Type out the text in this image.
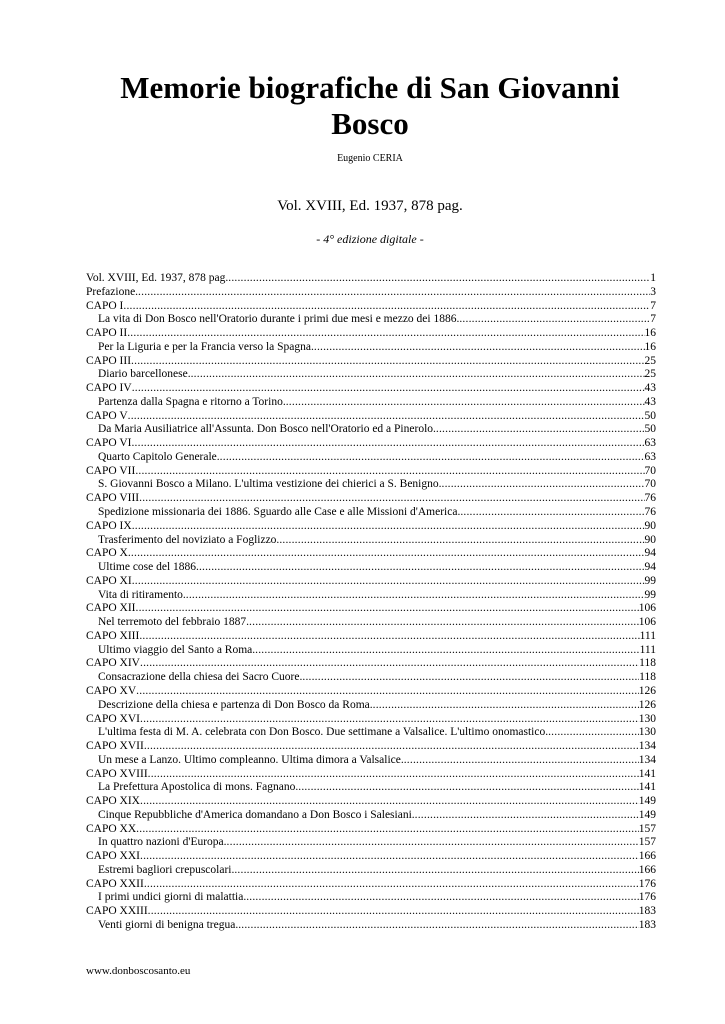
Memorie biografiche di San Giovanni
Bosco
Eugenio CERIA
Vol. XVIII, Ed. 1937, 878 pag.
- 4° edizione digitale -
Vol. XVIII, Ed. 1937, 878 pag. .....	1
Prefazione. .....	3
CAPO I .....	7
La vita di Don Bosco nell'Oratorio durante i primi due mesi e mezzo dei 1886. .....	7
CAPO II .....	16
Per la Liguria e per la Francia verso la Spagna. .....	16
CAPO III .....	25
Diario barcellonese. .....	25
CAPO IV .....	43
Partenza dalla Spagna e ritorno a Torino. .....	43
CAPO V .....	50
Da Maria Ausiliatrice all'Assunta. Don Bosco nell'Oratorio ed a Pinerolo. .....	50
CAPO VI .....	63
Quarto Capitolo Generale. .....	63
CAPO VII .....	70
S. Giovanni Bosco a Milano. L'ultima vestizione dei chierici a S. Benigno. .....	70
CAPO VIII .....	76
Spedizione missionaria dei 1886. Sguardo alle Case e alle Missioni d'America. .....	76
CAPO IX .....	90
Trasferimento del noviziato a Foglizzo. .....	90
CAPO X .....	94
Ultime cose del 1886. .....	94
CAPO XI .....	99
Vita di ritiramento. .....	99
CAPO XII .....	106
Nel terremoto del febbraio 1887. .....	106
CAPO XIII .....	111
Ultimo viaggio del Santo a Roma. .....	111
CAPO XIV .....	118
Consacrazione della chiesa dei Sacro Cuore. .....	118
CAPO XV .....	126
Descrizione della chiesa e partenza di Don Bosco da Roma. .....	126
CAPO XVI .....	130
L'ultima festa di M. A. celebrata con Don Bosco. Due settimane a Valsalice. L'ultimo onomastico. .....	130
CAPO XVII .....	134
Un mese a Lanzo. Ultimo compleanno. Ultima dimora a Valsalice. .....	134
CAPO XVIII .....	141
La Prefettura Apostolica di mons. Fagnano. .....	141
CAPO XIX .....	149
Cinque Repubbliche d'America domandano a Don Bosco i Salesiani. .....	149
CAPO XX .....	157
In quattro nazioni d'Europa. .....	157
CAPO XXI .....	166
Estremi bagliori crepuscolari. .....	166
CAPO XXII .....	176
I primi undici giorni di malattia. .....	176
CAPO XXIII .....	183
Venti giorni di benigna tregua. .....	183
www.donboscosanto.eu
